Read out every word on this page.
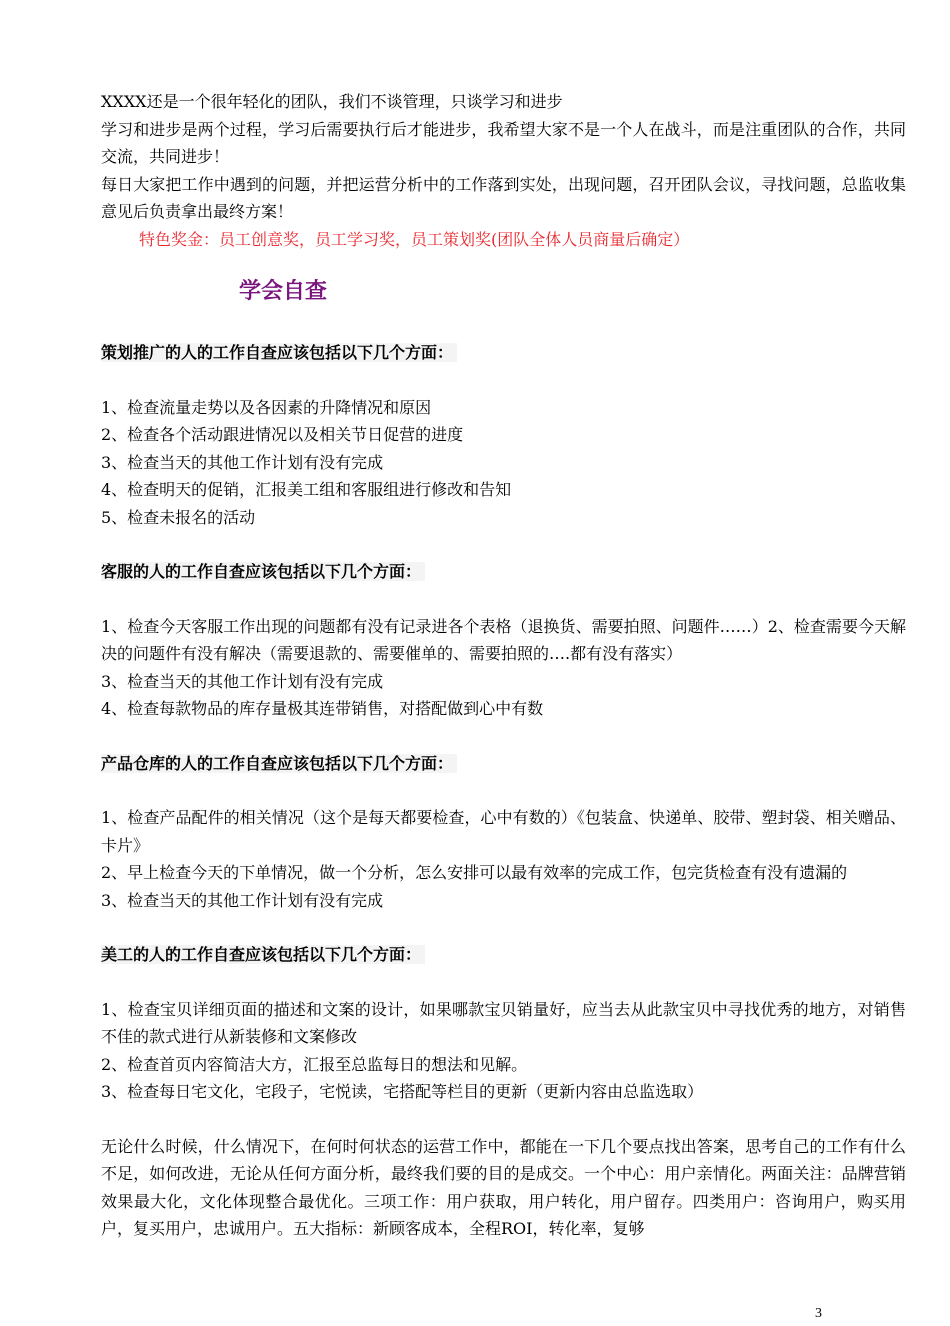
XXXX还是一个很年轻化的团队，我们不谈管理，只谈学习和进步

学习和进步是两个过程，学习后需要执行后才能进步，我希望大家不是一个人在战斗，而是注重团队的合作，共同交流，共同进步！

每日大家把工作中遇到的问题，并把运营分析中的工作落到实处，出现问题，召开团队会议，寻找问题，总监收集意见后负责拿出最终方案！

特色奖金：员工创意奖，员工学习奖，员工策划奖(团队全体人员商量后确定）

学会自查
策划推广的人的工作自查应该包括以下几个方面：

1、检查流量走势以及各因素的升降情况和原因

2、检查各个活动跟进情况以及相关节日促营的进度

3、检查当天的其他工作计划有没有完成

4、检查明天的促销，汇报美工组和客服组进行修改和告知

5、检查未报名的活动

客服的人的工作自查应该包括以下几个方面：

1、检查今天客服工作出现的问题都有没有记录进各个表格（退换货、需要拍照、问题件……）2、检查需要今天解决的问题件有没有解决（需要退款的、需要催单的、需要拍照的….都有没有落实）

3、检查当天的其他工作计划有没有完成

4、检查每款物品的库存量极其连带销售，对搭配做到心中有数

产品仓库的人的工作自查应该包括以下几个方面：

1、检查产品配件的相关情况（这个是每天都要检查，心中有数的）《包装盒、快递单、胶带、塑封袋、相关赠品、卡片》

2、早上检查今天的下单情况，做一个分析，怎么安排可以最有效率的完成工作，包完货检查有没有遗漏的

3、检查当天的其他工作计划有没有完成

美工的人的工作自查应该包括以下几个方面：

1、检查宝贝详细页面的描述和文案的设计，如果哪款宝贝销量好，应当去从此款宝贝中寻找优秀的地方，对销售不佳的款式进行从新装修和文案修改

2、检查首页内容简洁大方，汇报至总监每日的想法和见解。

3、检查每日宅文化，宅段子，宅悦读，宅搭配等栏目的更新（更新内容由总监选取）

无论什么时候，什么情况下，在何时何状态的运营工作中，都能在一下几个要点找出答案，思考自己的工作有什么不足，如何改进，无论从任何方面分析，最终我们要的目的是成交。一个中心：用户亲情化。两面关注：品牌营销效果最大化，文化体现整合最优化。三项工作：用户获取，用户转化，用户留存。四类用户：咨询用户，购买用户，复买用户，忠诚用户。五大指标：新顾客成本，全程ROI，转化率，复够

3
